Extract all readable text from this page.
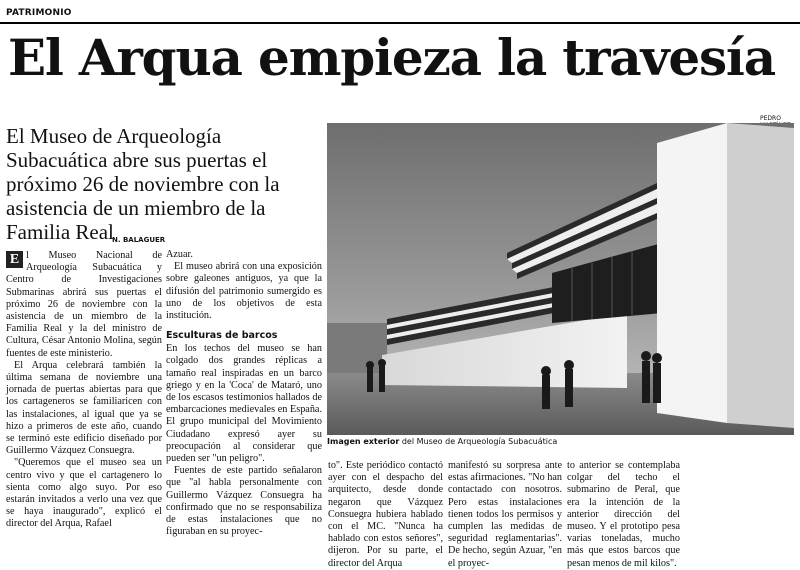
PATRIMONIO
El Arqua empieza la travesía
El Museo de Arqueología Subacuática abre sus puertas el próximo 26 de noviembre con la asistencia de un miembro de la Familia Real
PEDRO
Imagen exterior del Museo de Arqueología Subacuática
N. BALAGUER

E l Museo Nacional de Arqueología Subacuática y Centro de Investigaciones Submarinas abrirá sus puertas el próximo 26 de noviembre con la asistencia de un miembro de la Familia Real y la del ministro de Cultura, César Antonio Molina, según fuentes de este ministerio.

El Arqua celebrará también la última semana de noviembre una jornada de puertas abiertas para que los cartageneros se familiaricen con las instalaciones, al igual que ya se hizo a primeros de este año, cuando se terminó este edificio diseñado por Guillermo Vázquez Consuegra.

"Queremos que el museo sea un centro vivo y que el cartagenero lo sienta como algo suyo. Por eso estarán invitados a verlo una vez que se haya inaugurado", explicó el director del Arqua, Rafael

Azuar.

El museo abrirá con una exposición sobre galeones antiguos, ya que la difusión del patrimonio sumergido es uno de los objetivos de esta institución.

Esculturas de barcos

En los techos del museo se han colgado dos grandes réplicas a tamaño real inspiradas en un barco griego y en la 'Coca' de Mataró, uno de los escasos testimonios hallados de embarcaciones medievales en España. El grupo municipal del Movimiento Ciudadano expresó ayer su preocupación al considerar que pueden ser "un peligro".

Fuentes de este partido señalaron que "al habla personalmente con Guillermo Vázquez Consuegra ha confirmado que no se responsabiliza de estas instalaciones que no figuraban en su proyec-

to". Este periódico contactó ayer con el despacho del arquitecto, desde donde negaron que Vázquez Consuegra hubiera hablado con el MC. "Nunca ha hablado con estos señores", dijeron. Por su parte, el director del Arqua

manifestó su sorpresa ante estas afirmaciones. "No han contactado con nosotros. Pero estas instalaciones tienen todos los permisos y cumplen las medidas de seguridad reglamentarias". De hecho, según Azuar, "en el proyec-

to anterior se contemplaba colgar del techo el submarino de Peral, que era la intención de la anterior dirección del museo. Y el prototipo pesa varias toneladas, mucho más que estos barcos que pesan menos de mil kilos".
